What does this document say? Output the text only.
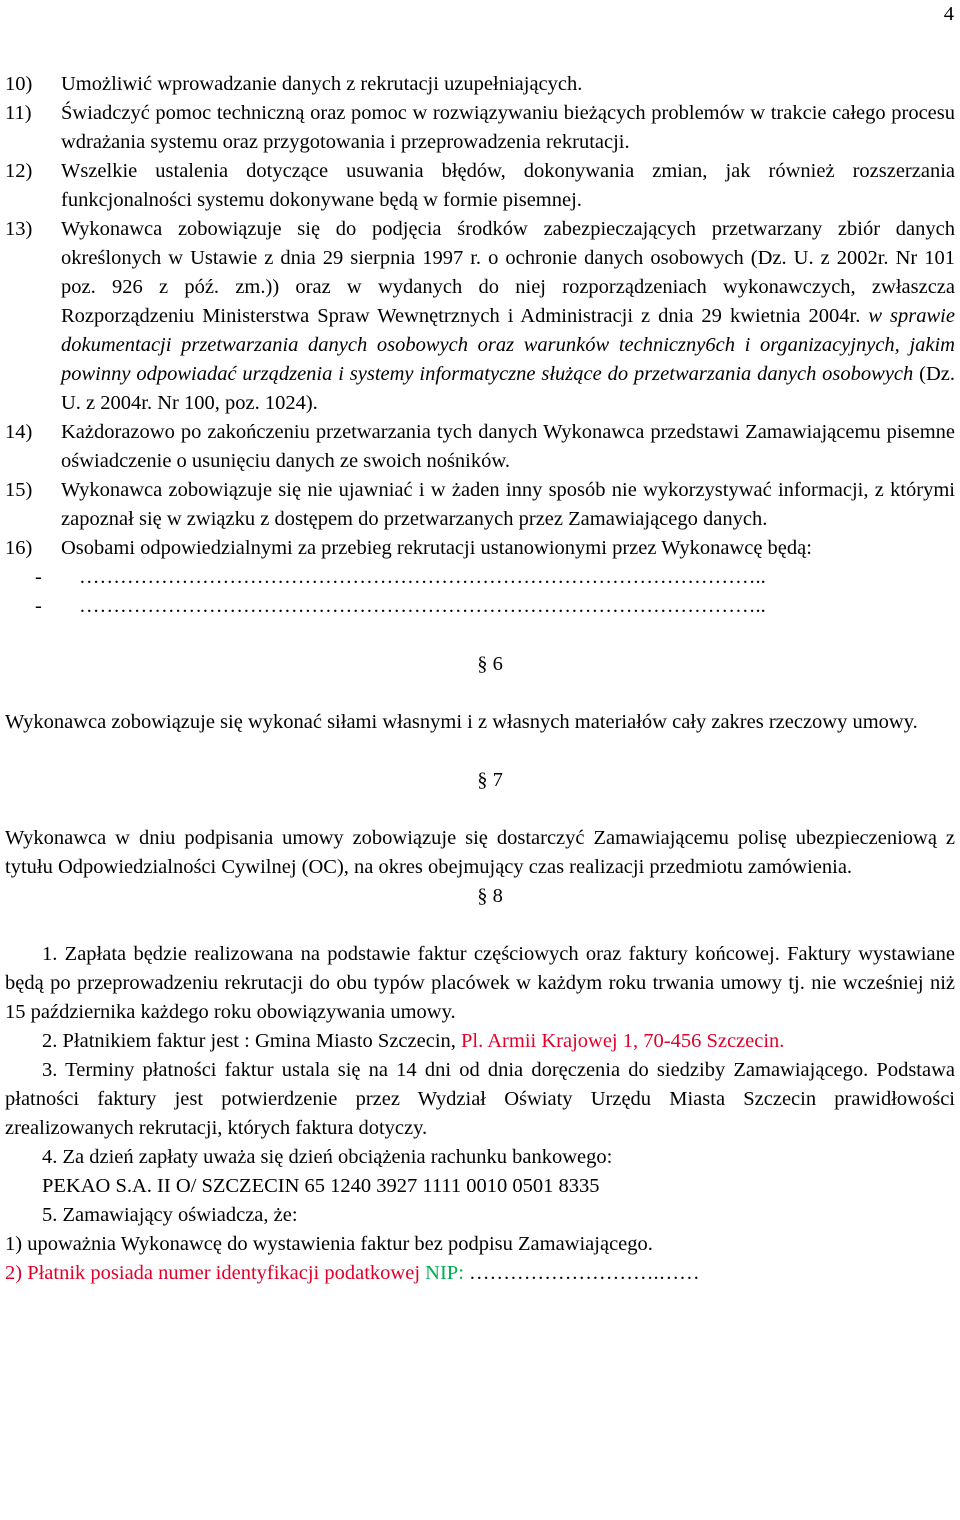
4

10) Umożliwić wprowadzanie danych z rekrutacji uzupełniających.

11) Świadczyć pomoc techniczną oraz pomoc w rozwiązywaniu bieżących problemów w trakcie całego procesu wdrażania systemu oraz przygotowania i przeprowadzenia rekrutacji.

12) Wszelkie ustalenia dotyczące usuwania błędów, dokonywania zmian, jak również rozszerzania funkcjonalności systemu dokonywane będą w formie pisemnej.

13) Wykonawca zobowiązuje się do podjęcia środków zabezpieczających przetwarzany zbiór danych określonych w Ustawie z dnia 29 sierpnia 1997 r. o ochronie danych osobowych (Dz. U. z 2002r. Nr 101 poz. 926 z póź. zm.)) oraz w wydanych do niej rozporządzeniach wykonawczych, zwłaszcza Rozporządzeniu Ministerstwa Spraw Wewnętrznych i Administracji z dnia 29 kwietnia 2004r. w sprawie dokumentacji przetwarzania danych osobowych oraz warunków techniczny6ch i organizacyjnych, jakim powinny odpowiadać urządzenia i systemy informatyczne służące do przetwarzania danych osobowych (Dz. U. z 2004r. Nr 100, poz. 1024).

14) Każdorazowo po zakończeniu przetwarzania tych danych Wykonawca przedstawi Zamawiającemu pisemne oświadczenie o usunięciu danych ze swoich nośników.

15) Wykonawca zobowiązuje się nie ujawniać i w żaden inny sposób nie wykorzystywać informacji, z którymi zapoznał się w związku z dostępem do przetwarzanych przez Zamawiającego danych.

16) Osobami odpowiedzialnymi za przebieg rekrutacji ustanowionymi przez Wykonawcę będą:

- ………………………………………………………………………………………..

- ………………………………………………………………………………………..

§ 6

Wykonawca zobowiązuje się wykonać siłami własnymi i z własnych materiałów cały zakres rzeczowy umowy.

§ 7

Wykonawca w dniu podpisania umowy zobowiązuje się dostarczyć Zamawiającemu polisę ubezpieczeniową z tytułu Odpowiedzialności Cywilnej (OC), na okres obejmujący czas realizacji przedmiotu zamówienia.

§ 8

1. Zapłata będzie realizowana na podstawie faktur częściowych oraz faktury końcowej. Faktury wystawiane będą po przeprowadzeniu rekrutacji do obu typów placówek w każdym roku trwania umowy tj. nie wcześniej niż 15 października każdego roku obowiązywania umowy.

2. Płatnikiem faktur jest : Gmina Miasto Szczecin, Pl. Armii Krajowej 1, 70-456 Szczecin.

3. Terminy płatności faktur ustala się na 14 dni od dnia doręczenia do siedziby Zamawiającego. Podstawa płatności faktury jest potwierdzenie przez Wydział Oświaty Urzędu Miasta Szczecin prawidłowości zrealizowanych rekrutacji, których faktura dotyczy.

4. Za dzień zapłaty uważa się dzień obciążenia rachunku bankowego:

PEKAO S.A. II O/ SZCZECIN 65 1240 3927 1111 0010 0501 8335

5. Zamawiający oświadcza, że:

1) upoważnia Wykonawcę do wystawienia faktur bez podpisu Zamawiającego.

2) Płatnik posiada numer identyfikacji podatkowej NIP: ……………………….……
